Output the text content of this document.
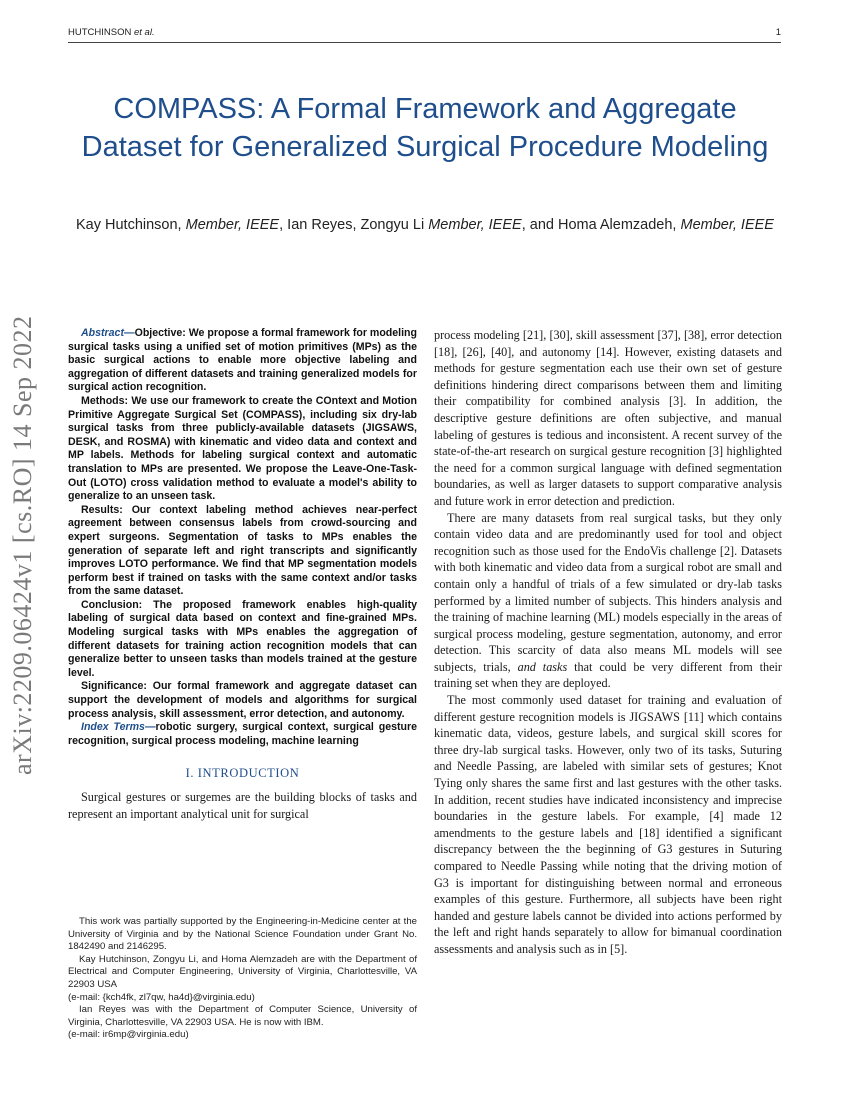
HUTCHINSON et al.	1
COMPASS: A Formal Framework and Aggregate Dataset for Generalized Surgical Procedure Modeling
Kay Hutchinson, Member, IEEE, Ian Reyes, Zongyu Li Member, IEEE, and Homa Alemzadeh, Member, IEEE
arXiv:2209.06424v1 [cs.RO] 14 Sep 2022	Abstract—Objective: We propose a formal framework for modeling surgical tasks using a unified set of motion primitives (MPs) as the basic surgical actions to enable more objective labeling and aggregation of different datasets and training generalized models for surgical action recognition.

Methods: We use our framework to create the COntext and Motion Primitive Aggregate Surgical Set (COMPASS), including six dry-lab surgical tasks from three publicly-available datasets (JIGSAWS, DESK, and ROSMA) with kinematic and video data and context and MP labels. Methods for labeling surgical context and automatic translation to MPs are presented. We propose the Leave-One-Task-Out (LOTO) cross validation method to evaluate a model's ability to generalize to an unseen task.

Results: Our context labeling method achieves near-perfect agreement between consensus labels from crowd-sourcing and expert surgeons. Segmentation of tasks to MPs enables the generation of separate left and right transcripts and significantly improves LOTO performance. We find that MP segmentation models perform best if trained on tasks with the same context and/or tasks from the same dataset.

Conclusion: The proposed framework enables high-quality labeling of surgical data based on context and fine-grained MPs. Modeling surgical tasks with MPs enables the aggregation of different datasets for training action recognition models that can generalize better to unseen tasks than models trained at the gesture level.

Significance: Our formal framework and aggregate dataset can support the development of models and algorithms for surgical process analysis, skill assessment, error detection, and autonomy.

Index Terms—robotic surgery, surgical context, surgical gesture recognition, surgical process modeling, machine learning

I. INTRODUCTION

Surgical gestures or surgemes are the building blocks of tasks and represent an important analytical unit for surgical

This work was partially supported by the Engineering-in-Medicine center at the University of Virginia and by the National Science Foundation under Grant No. 1842490 and 2146295.

Kay Hutchinson, Zongyu Li, and Homa Alemzadeh are with the Department of Electrical and Computer Engineering, University of Virginia, Charlottesville, VA 22903 USA

(e-mail: {kch4fk, zl7qw, ha4d}@virginia.edu)

Ian Reyes was with the Department of Computer Science, University of Virginia, Charlottesville, VA 22903 USA. He is now with IBM.

(e-mail: ir6mp@virginia.edu)

process modeling [21], [30], skill assessment [37], [38], error detection [18], [26], [40], and autonomy [14]. However, existing datasets and methods for gesture segmentation each use their own set of gesture definitions hindering direct comparisons between them and limiting their compatibility for combined analysis [3]. In addition, the descriptive gesture definitions are often subjective, and manual labeling of gestures is tedious and inconsistent. A recent survey of the state-of-the-art research on surgical gesture recognition [3] highlighted the need for a common surgical language with defined segmentation boundaries, as well as larger datasets to support comparative analysis and future work in error detection and prediction.

There are many datasets from real surgical tasks, but they only contain video data and are predominantly used for tool and object recognition such as those used for the EndoVis challenge [2]. Datasets with both kinematic and video data from a surgical robot are small and contain only a handful of trials of a few simulated or dry-lab tasks performed by a limited number of subjects. This hinders analysis and the training of machine learning (ML) models especially in the areas of surgical process modeling, gesture segmentation, autonomy, and error detection. This scarcity of data also means ML models will see subjects, trials, and tasks that could be very different from their training set when they are deployed.

The most commonly used dataset for training and evaluation of different gesture recognition models is JIGSAWS [11] which contains kinematic data, videos, gesture labels, and surgical skill scores for three dry-lab surgical tasks. However, only two of its tasks, Suturing and Needle Passing, are labeled with similar sets of gestures; Knot Tying only shares the same first and last gestures with the other tasks. In addition, recent studies have indicated inconsistency and imprecise boundaries in the gesture labels. For example, [4] made 12 amendments to the gesture labels and [18] identified a significant discrepancy between the the beginning of G3 gestures in Suturing compared to Needle Passing while noting that the driving motion of G3 is important for distinguishing between normal and erroneous examples of this gesture. Furthermore, all subjects have been right handed and gesture labels cannot be divided into actions performed by the left and right hands separately to allow for bimanual coordination assessments and analysis such as in [5].
